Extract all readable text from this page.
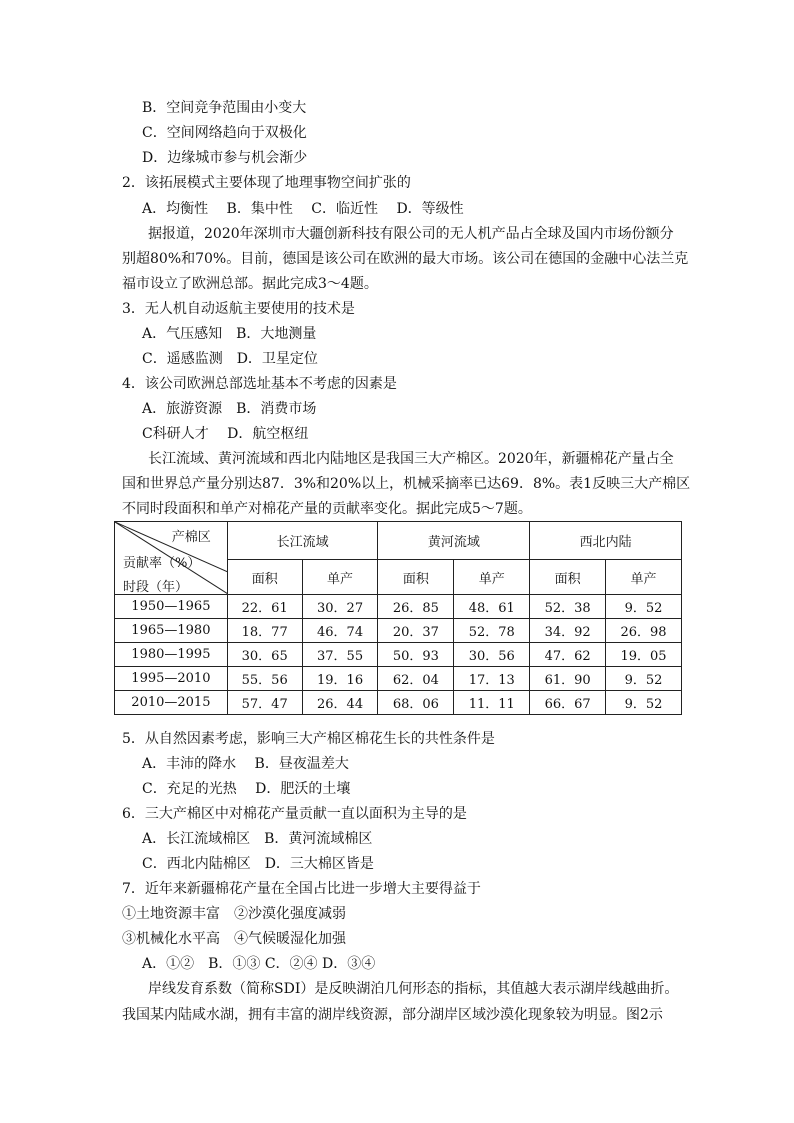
B．空间竞争范围由小变大
C．空间网络趋向于双极化
D．边缘城市参与机会渐少
2．该拓展模式主要体现了地理事物空间扩张的
A．均衡性　 B．集中性　 C．临近性　 D．等级性
据报道，2020年深圳市大疆创新科技有限公司的无人机产品占全球及国内市场份额分
别超80%和70%。目前，德国是该公司在欧洲的最大市场。该公司在德国的金融中心法兰克
福市设立了欧洲总部。据此完成3～4题。
3．无人机自动返航主要使用的技术是
A．气压感知　B．大地测量
C．遥感监测　D．卫星定位
4．该公司欧洲总部选址基本不考虑的因素是
A．旅游资源　B．消费市场
C科研人才　 D．航空枢纽
长江流域、黄河流域和西北内陆地区是我国三大产棉区。2020年，新疆棉花产量占全
国和世界总产量分别达87．3%和20%以上，机械采摘率已达69．8%。表1反映三大产棉区
不同时段面积和单产对棉花产量的贡献率变化。据此完成5～7题。
产棉区
贡献率（%）
时段（年）	长江流域		黄河流域		西北内陆	
	面积	单产	面积	单产	面积	单产
1950—1965	22．61	30．27	26．85	48．61	52．38	9．52
1965—1980	18．77	46．74	20．37	52．78	34．92	26．98
1980—1995	30．65	37．55	50．93	30．56	47．62	19．05
1995—2010	55．56	19．16	62．04	17．13	61．90	9．52
2010—2015	57．47	26．44	68．06	11．11	66．67	9．52
5．从自然因素考虑，影响三大产棉区棉花生长的共性条件是
A．丰沛的降水　 B．昼夜温差大
C．充足的光热　 D．肥沃的土壤
6．三大产棉区中对棉花产量贡献一直以面积为主导的是
A．长江流域棉区　B．黄河流域棉区
C．西北内陆棉区　D．三大棉区皆是
7．近年来新疆棉花产量在全国占比进一步增大主要得益于
①土地资源丰富　②沙漠化强度减弱
③机械化水平高　④气候暖湿化加强
A．①②　B．①③ C．②④ D．③④
岸线发育系数（简称SDI）是反映湖泊几何形态的指标，其值越大表示湖岸线越曲折。
我国某内陆咸水湖，拥有丰富的湖岸线资源，部分湖岸区域沙漠化现象较为明显。图2示
